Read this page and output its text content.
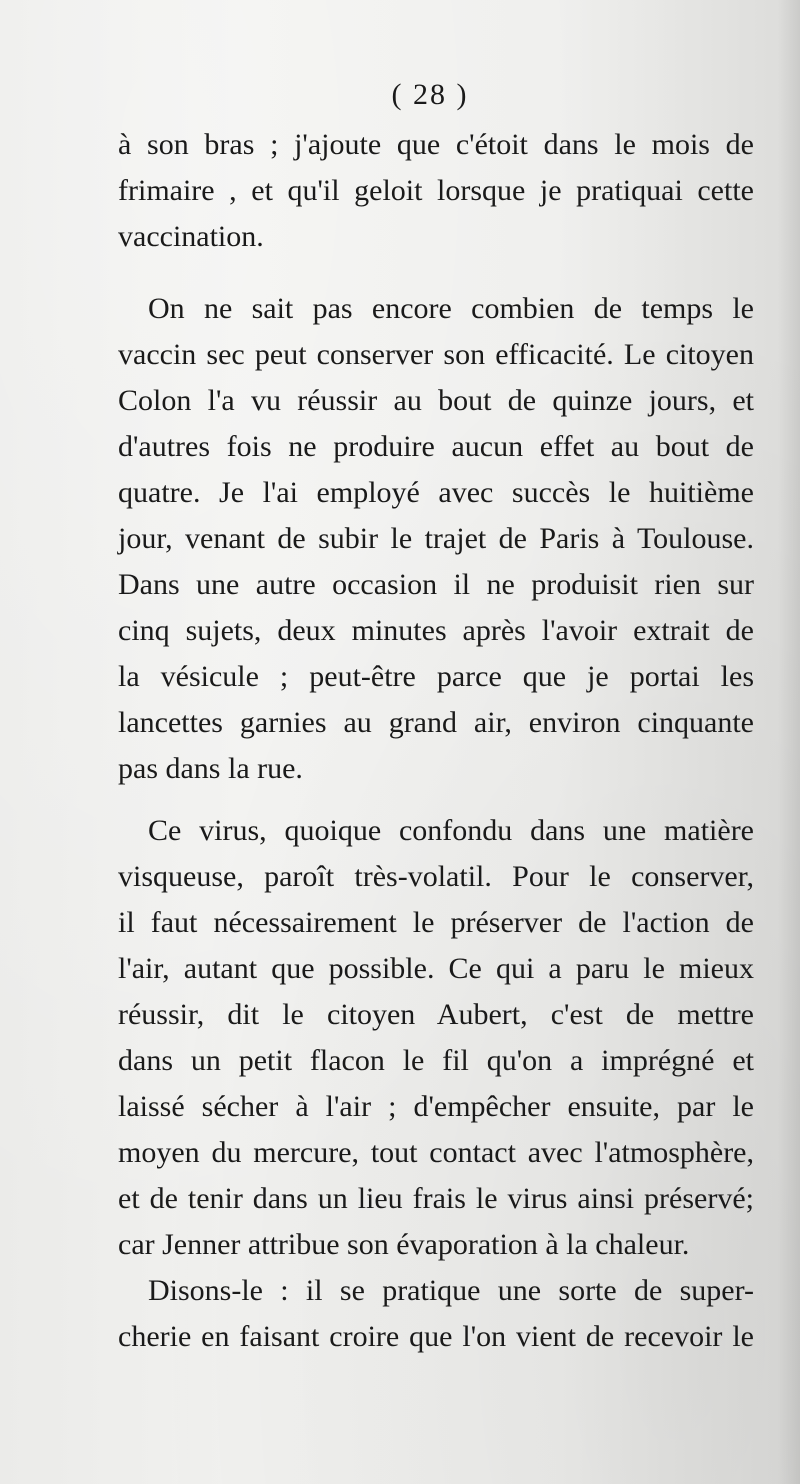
( 28 )
à son bras ; j'ajoute que c'étoit dans le mois de
frimaire , et qu'il geloit lorsque je pratiquai cette
vaccination.
On ne sait pas encore combien de temps le
vaccin sec peut conserver son efficacité. Le citoyen
Colon l'a vu réussir au bout de quinze jours, et
d'autres fois ne produire aucun effet au bout de
quatre. Je l'ai employé avec succès le huitième
jour, venant de subir le trajet de Paris à Toulouse.
Dans une autre occasion il ne produisit rien sur
cinq sujets, deux minutes après l'avoir extrait de
la vésicule ; peut-être parce que je portai les
lancettes garnies au grand air, environ cinquante
pas dans la rue.
Ce virus, quoique confondu dans une matière
visqueuse, paroît très-volatil. Pour le conserver,
il faut nécessairement le préserver de l'action de
l'air, autant que possible. Ce qui a paru le mieux
réussir, dit le citoyen Aubert, c'est de mettre
dans un petit flacon le fil qu'on a imprégné et
laissé sécher à l'air ; d'empêcher ensuite, par le
moyen du mercure, tout contact avec l'atmosphère,
et de tenir dans un lieu frais le virus ainsi préservé;
car Jenner attribue son évaporation à la chaleur.
Disons-le : il se pratique une sorte de super-
cherie en faisant croire que l'on vient de recevoir le
